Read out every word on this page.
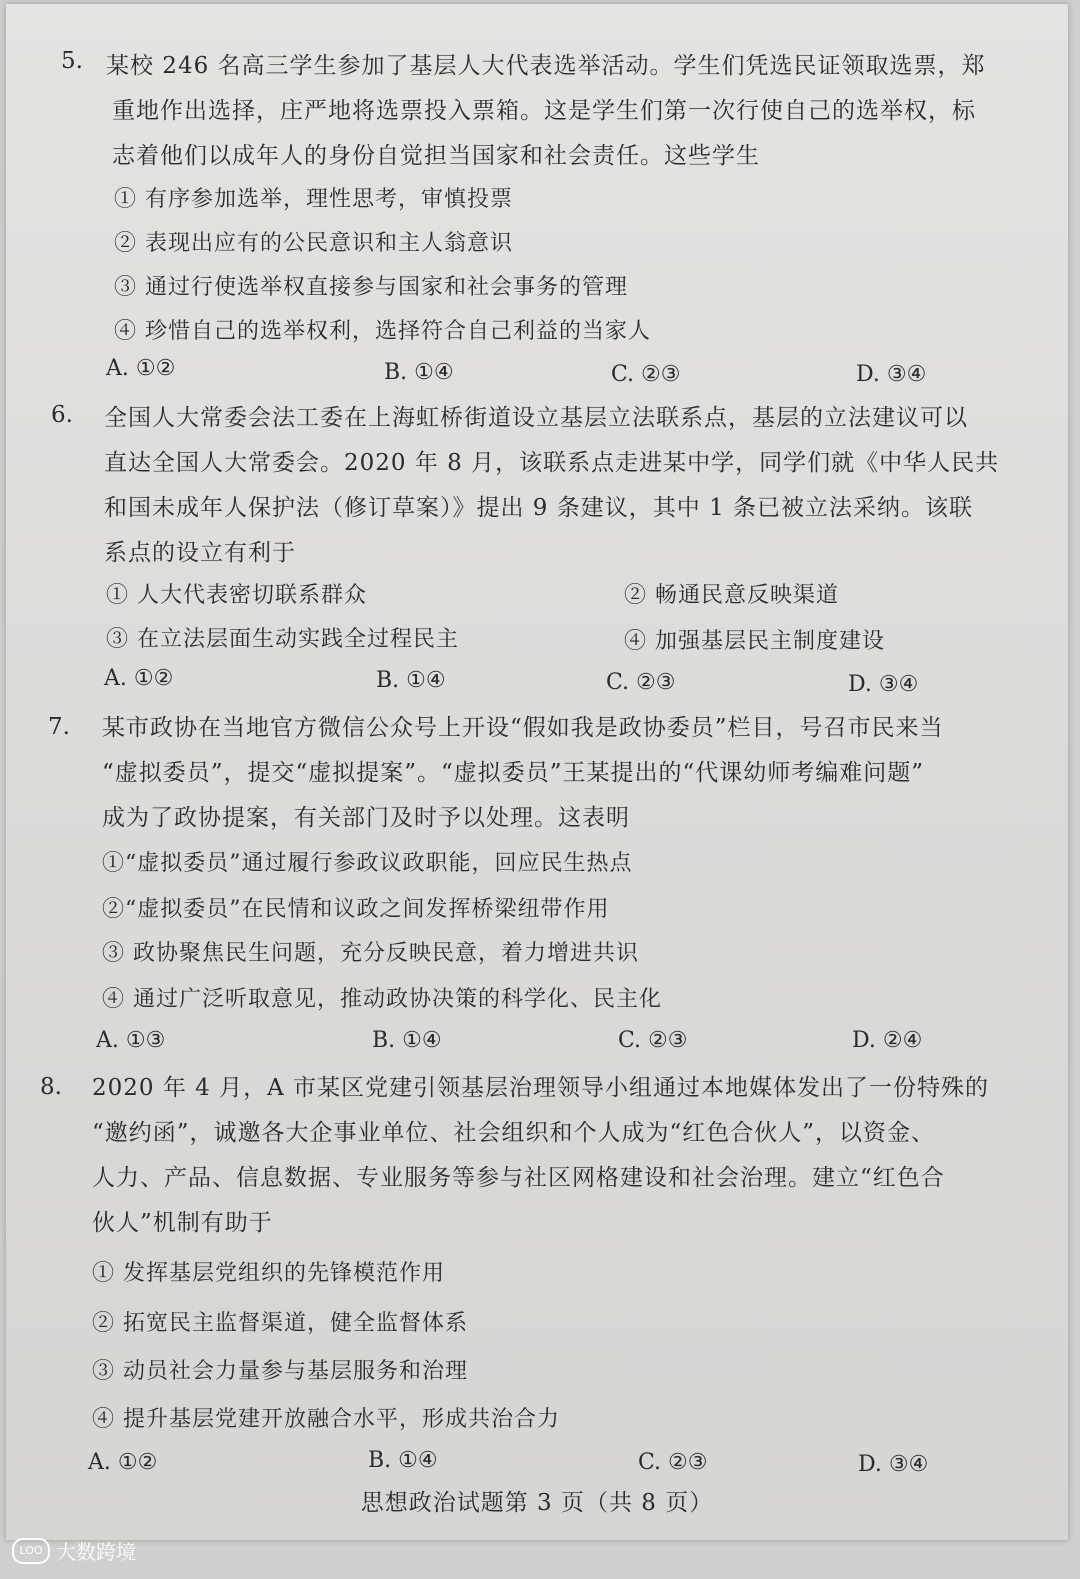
5. 某校 246 名高三学生参加了基层人大代表选举活动。学生们凭选民证领取选票，郑

重地作出选择，庄严地将选票投入票箱。这是学生们第一次行使自己的选举权，标

志着他们以成年人的身份自觉担当国家和社会责任。这些学生

① 有序参加选举，理性思考，审慎投票
② 表现出应有的公民意识和主人翁意识
③ 通过行使选举权直接参与国家和社会事务的管理
④ 珍惜自己的选举权利，选择符合自己利益的当家人
A. ①②	B. ①④	C. ②③	D. ③④
6. 全国人大常委会法工委在上海虹桥街道设立基层立法联系点，基层的立法建议可以

直达全国人大常委会。2020 年 8 月，该联系点走进某中学，同学们就《中华人民共

和国未成年人保护法（修订草案）》提出 9 条建议，其中 1 条已被立法采纳。该联

系点的设立有利于

① 人大代表密切联系群众	② 畅通民意反映渠道
③ 在立法层面生动实践全过程民主	④ 加强基层民主制度建设
A. ①②	B. ①④	C. ②③	D. ③④
7. 某市政协在当地官方微信公众号上开设“假如我是政协委员”栏目，号召市民来当

“虚拟委员”，提交“虚拟提案”。“虚拟委员”王某提出的“代课幼师考编难问题”

成为了政协提案，有关部门及时予以处理。这表明

①“虚拟委员”通过履行参政议政职能，回应民生热点
②“虚拟委员”在民情和议政之间发挥桥梁纽带作用
③ 政协聚焦民生问题，充分反映民意，着力增进共识
④ 通过广泛听取意见，推动政协决策的科学化、民主化
A. ①③	B. ①④	C. ②③	D. ②④
8. 2020 年 4 月，A 市某区党建引领基层治理领导小组通过本地媒体发出了一份特殊的

“邀约函”，诚邀各大企事业单位、社会组织和个人成为“红色合伙人”，以资金、

人力、产品、信息数据、专业服务等参与社区网格建设和社会治理。建立“红色合

伙人”机制有助于

① 发挥基层党组织的先锋模范作用
② 拓宽民主监督渠道，健全监督体系
③ 动员社会力量参与基层服务和治理
④ 提升基层党建开放融合水平，形成共治合力
A. ①②	B. ①④	C. ②③	D. ③④
思想政治试题第 3 页（共 8 页）
LOO 大数跨境
